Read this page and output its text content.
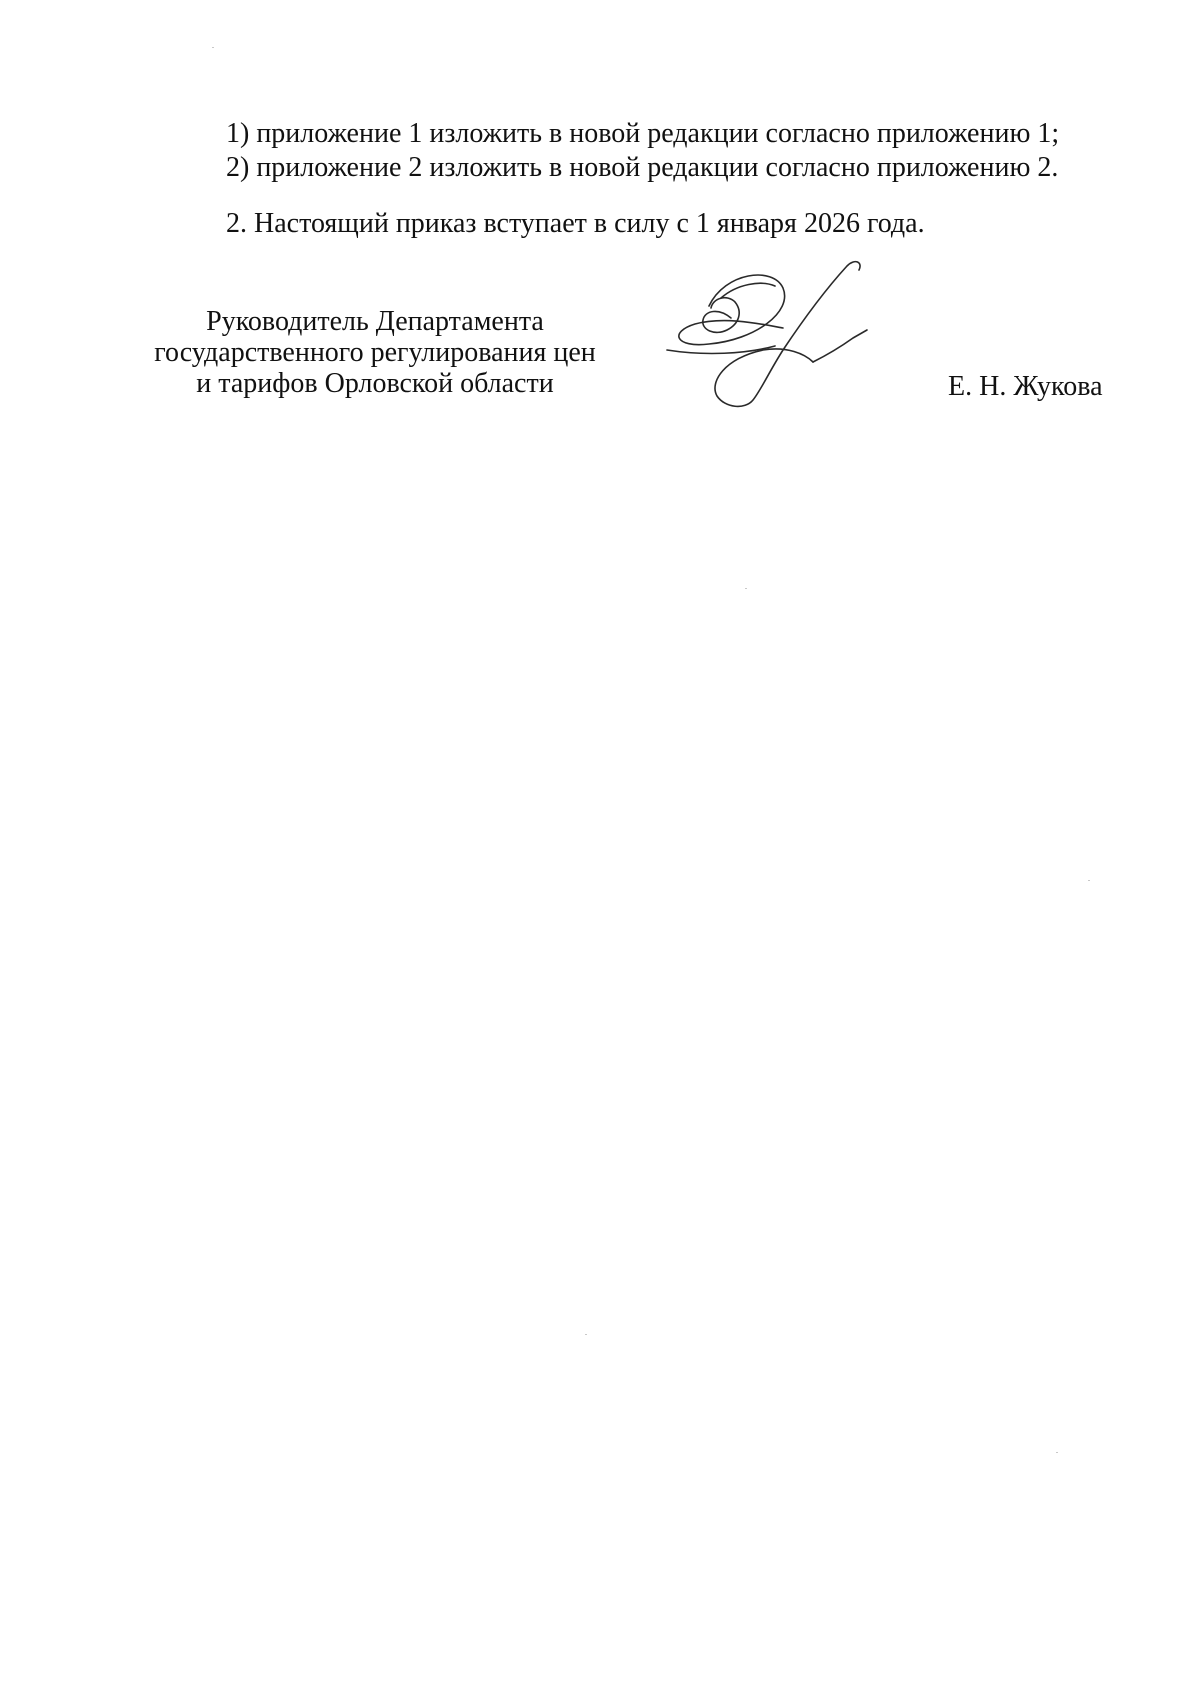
1) приложение 1 изложить в новой редакции согласно приложению 1;
2) приложение 2 изложить в новой редакции согласно приложению 2.
2. Настоящий приказ вступает в силу с 1 января 2026 года.
Руководитель Департамента
государственного регулирования цен
и тарифов Орловской области	Е. Н. Жукова
